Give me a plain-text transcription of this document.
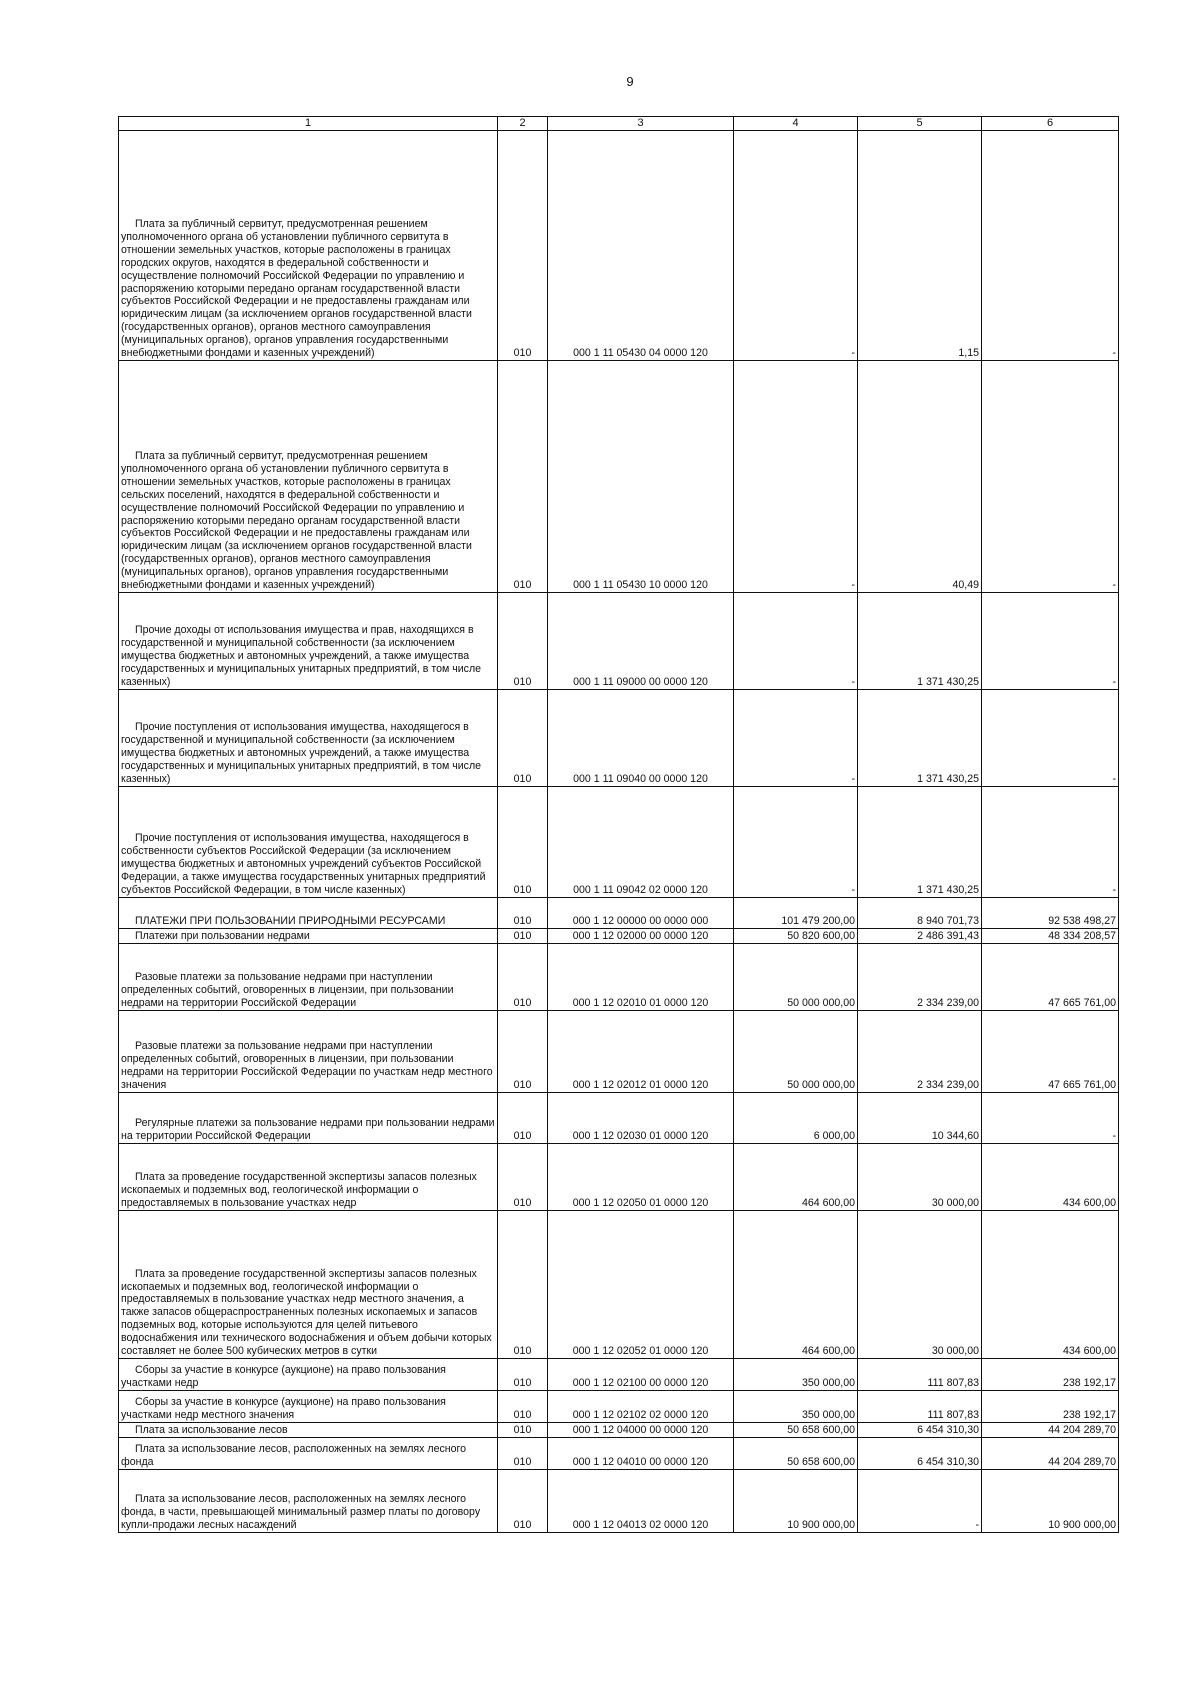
9
1	2	3	4	5	6
Плата за публичный сервитут, предусмотренная решением уполномоченного органа об установлении публичного сервитута в отношении земельных участков, которые расположены в границах городских округов, находятся в федеральной собственности и осуществление полномочий Российской Федерации по управлению и распоряжению которыми передано органам государственной власти субъектов Российской Федерации и не предоставлены гражданам или юридическим лицам (за исключением органов государственной власти (государственных органов), органов местного самоуправления (муниципальных органов), органов управления государственными внебюджетными фондами и казенных учреждений)	010	000 1 11 05430 04 0000 120	-	1,15	-
Плата за публичный сервитут, предусмотренная решением уполномоченного органа об установлении публичного сервитута в отношении земельных участков, которые расположены в границах сельских поселений, находятся в федеральной собственности и осуществление полномочий Российской Федерации по управлению и распоряжению которыми передано органам государственной власти субъектов Российской Федерации и не предоставлены гражданам или юридическим лицам (за исключением органов государственной власти (государственных органов), органов местного самоуправления (муниципальных органов), органов управления государственными внебюджетными фондами и казенных учреждений)	010	000 1 11 05430 10 0000 120	-	40,49	-
Прочие доходы от использования имущества и прав, находящихся в государственной и муниципальной собственности (за исключением имущества бюджетных и автономных учреждений, а также имущества государственных и муниципальных унитарных предприятий, в том числе казенных)	010	000 1 11 09000 00 0000 120	-	1 371 430,25	-
Прочие поступления от использования имущества, находящегося в государственной и муниципальной собственности (за исключением имущества бюджетных и автономных учреждений, а также имущества государственных и муниципальных унитарных предприятий, в том числе казенных)	010	000 1 11 09040 00 0000 120	-	1 371 430,25	-
Прочие поступления от использования имущества, находящегося в собственности субъектов Российской Федерации (за исключением имущества бюджетных и автономных учреждений субъектов Российской Федерации, а также имущества государственных унитарных предприятий субъектов Российской Федерации, в том числе казенных)	010	000 1 11 09042 02 0000 120	-	1 371 430,25	-
ПЛАТЕЖИ ПРИ ПОЛЬЗОВАНИИ ПРИРОДНЫМИ РЕСУРСАМИ	010	000 1 12 00000 00 0000 000	101 479 200,00	8 940 701,73	92 538 498,27
Платежи при пользовании недрами	010	000 1 12 02000 00 0000 120	50 820 600,00	2 486 391,43	48 334 208,57
Разовые платежи за пользование недрами при наступлении определенных событий, оговоренных в лицензии, при пользовании недрами на территории Российской Федерации	010	000 1 12 02010 01 0000 120	50 000 000,00	2 334 239,00	47 665 761,00
Разовые платежи за пользование недрами при наступлении определенных событий, оговоренных в лицензии, при пользовании недрами на территории Российской Федерации по участкам недр местного значения	010	000 1 12 02012 01 0000 120	50 000 000,00	2 334 239,00	47 665 761,00
Регулярные платежи за пользование недрами при пользовании недрами на территории Российской Федерации	010	000 1 12 02030 01 0000 120	6 000,00	10 344,60	-
Плата за проведение государственной экспертизы запасов полезных ископаемых и подземных вод, геологической информации о предоставляемых в пользование участках недр	010	000 1 12 02050 01 0000 120	464 600,00	30 000,00	434 600,00
Плата за проведение государственной экспертизы запасов полезных ископаемых и подземных вод, геологической информации о предоставляемых в пользование участках недр местного значения, а также запасов общераспространенных полезных ископаемых и запасов подземных вод, которые используются для целей питьевого водоснабжения или технического водоснабжения и объем добычи которых составляет не более 500 кубических метров в сутки	010	000 1 12 02052 01 0000 120	464 600,00	30 000,00	434 600,00
Сборы за участие в конкурсе (аукционе) на право пользования участками недр	010	000 1 12 02100 00 0000 120	350 000,00	111 807,83	238 192,17
Сборы за участие в конкурсе (аукционе) на право пользования участками недр местного значения	010	000 1 12 02102 02 0000 120	350 000,00	111 807,83	238 192,17
Плата за использование лесов	010	000 1 12 04000 00 0000 120	50 658 600,00	6 454 310,30	44 204 289,70
Плата за использование лесов, расположенных на землях лесного фонда	010	000 1 12 04010 00 0000 120	50 658 600,00	6 454 310,30	44 204 289,70
Плата за использование лесов, расположенных на землях лесного фонда, в части, превышающей минимальный размер платы по договору купли-продажи лесных насаждений	010	000 1 12 04013 02 0000 120	10 900 000,00	-	10 900 000,00
